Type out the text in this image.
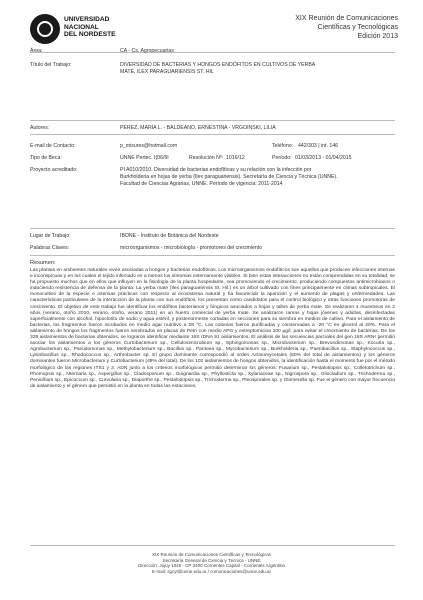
UNIVERSIDAD
NACIONAL
DEL NORDESTE
XIX Reunión de Comunicaciones
Científicas y Tecnológicas
Edición 2013
Área:	CA - Cs. Agropecuarias
Título del Trabajo:	DIVERSIDAD DE BACTERIAS Y HONGOS ENDÓFITOS EN CULTIVOS DE YERBA
MATE, ILEX PARAGUARIENSIS ST. HIL
Autores:	PEREZ, MARÍA L. - BALDEANO, ERNESTINA - VRGOINSKI, LILIA
E-mail de Contacto:	p_misures@hotmail.com	Teléfono: 442/303 | int. 146
Tipo de Beca:	UNNE Pertec. I(06/III	Resolución Nº: 1016/12	Período: 01/03/2013 - 01/04/2015
Proyecto acreditado:	PI A010/2010. Diversidad de bacterias endofíticas y su relación con la infección por
Burkholderia en hojas de yerba (Ilex paraguariensis). Secretaría de Ciencia y Técnica (UNNE).
Facultad de Ciencias Agrarias, UNNE. Período de vigencia: 2011-2014
Lugar de Trabajo:	IBONE - Instituto de Botánica del Nordeste
Palabras Claves:	microorganismos - microbiología - promotores del crecimiento
Resumen:
Las plantas en ambientes naturales viven asociadas a hongos y bacterias endofíticas. Los microorganismos endofíticos son aquellos que producen infecciones internas e inconspicuas y en los cuales el tejido infectado es a menos los síntomas externamente visibles. Si bien estas interacciones no están comprendidas en su totalidad, se ha propuesto muchos que en ellos que influyen en la fisiología de la planta hospedante, sea promoviendo el crecimiento, produciendo compuestos antimicrobianos o induciendo resistencia de defensa de la planta. La yerba mate (Ilex paraguariensis St. Hil.) es un árbol cultivado con fines principalmente en climas subtropicales. El monocultivo de la especie e intensas prácticas con respecto al ecosistema natural y ha favorecido la aparición y el aumento de plagas y enfermedades. Las características particulares de la interacción de la planta con sus endófitos, los presentan como candidatos para el control biológico y otras funciones promotoras de crecimiento. El objetivo de este trabajo fue identificar los endófitos bacterianos y fúngicos asociados a hojas y tallos de yerba mate. Se realizaron 4 muestreos en 2 años (verano, otoño 2010, verano, otoño, verano 2011) en un huerto comercial de yerba mate. Se analizaron ramas y hojas jóvenes y adultas, desinfectadas superficialmente con alcohol, hipoclorito de sodio y agua estéril, y posteriormente cortadas en secciones para su siembra en medios de cultivo. Para el aislamiento de bacterias, los fragmentos fueron incubados en medio agar nutritivo a 28 °C. Las colonias fueron purificadas y conservadas a -20 °C en glicerol al 20%. Para el aislamiento de hongos los fragmentos fueron sembrados en placas de Petri con medio APG y estreptomicina 100 µg/l, para evitar el crecimiento de bacterias. De los 329 aislamientos de bacterias obtenidos, se lograron identificar mediante 16S rDNA 91 aislamientos. El análisis de las secuencias parciales del gen 16S ARNr permitió asociar los aislamientos a los géneros Curtobacterium sp., Cellulosimicrobium sp., Sphingomonas sp., Microbacterium sp., Brevundimonas sp., Kocuria sp., Agrobacterium sp., Pseudomonas sp., Methylobacterium sp., Bacillus sp., Pantoea sp., Mycobacterium sp., Burkholderia sp., Paenibacillus sp., Staphylococcus sp., Lysinibacillus sp., Rhodococcus sp., Arthrobacter sp. El grupo dominante correspondió al orden Actinomycetales (60% del total de aislamientos) y los géneros dominantes fueron Microbacterium y Curtobacterium (48% del total). De los 102 aislamientos de hongos obtenidos, la identificación hasta el momento fue por el método morfológico de las regiones ITS1 y 2. ADN junto a los criterios morfológicos permitió determinar los géneros: Fusarium sp., Pestalotiopsis sp., Colletotrichum sp., Phomopsis sp., Alternaria sp., Aspergillus sp., Cladosporium sp., Guignardia sp., Phyllosticta sp., Xylariaceae sp., Nigrospora sp., Gliocladium sp., Trichoderma sp., Penicillium sp., Epicoccum sp., Curvularia sp., Diaporthe sp., Pestalotiopsis sp., Trichoderma sp., Pleosporales sp. y Glomerella sp. Fue el género con mayor frecuencia de aislamiento y el género que persistió en la planta en todas las estaciones.
XIX Reunión de Comunicaciones Científicas y Tecnológicas
Secretaría General de Ciencia y Técnica - UNNE
Dirección: Jujuy 1046 - CP 3400 Corrientes Capital - Corrientes Argentina
E-mail: sgcyt@unne.edu.ar / comunicaciones@unne.edu.ar
